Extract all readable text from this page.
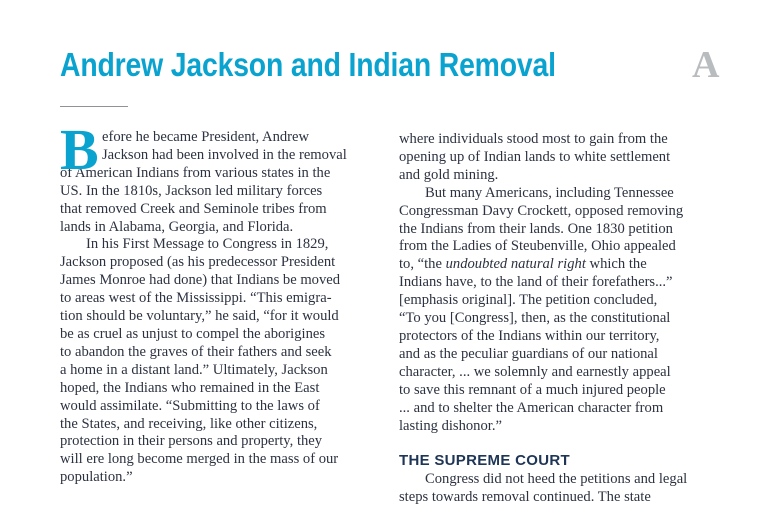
Andrew Jackson and Indian Removal	A
B efore he became President, Andrew
Jackson had been involved in the removal
of American Indians from various states in the
US. In the 1810s, Jackson led military forces
that removed Creek and Seminole tribes from
lands in Alabama, Georgia, and Florida.
In his First Message to Congress in 1829,
Jackson proposed (as his predecessor President
James Monroe had done) that Indians be moved
to areas west of the Mississippi. “This emigra-
tion should be voluntary,” he said, “for it would
be as cruel as unjust to compel the aborigines
to abandon the graves of their fathers and seek
a home in a distant land.” Ultimately, Jackson
hoped, the Indians who remained in the East
would assimilate. “Submitting to the laws of
the States, and receiving, like other citizens,
protection in their persons and property, they
will ere long become merged in the mass of our
population.”
where individuals stood most to gain from the
opening up of Indian lands to white settlement
and gold mining.
But many Americans, including Tennessee
Congressman Davy Crockett, opposed removing
the Indians from their lands. One 1830 petition
from the Ladies of Steubenville, Ohio appealed
to, “the undoubted natural right which the
Indians have, to the land of their forefathers...”
[emphasis original]. The petition concluded,
“To you [Congress], then, as the constitutional
protectors of the Indians within our territory,
and as the peculiar guardians of our national
character, ... we solemnly and earnestly appeal
to save this remnant of a much injured people
... and to shelter the American character from
lasting dishonor.”
THE SUPREME COURT
Congress did not heed the petitions and legal
steps towards removal continued. The state
